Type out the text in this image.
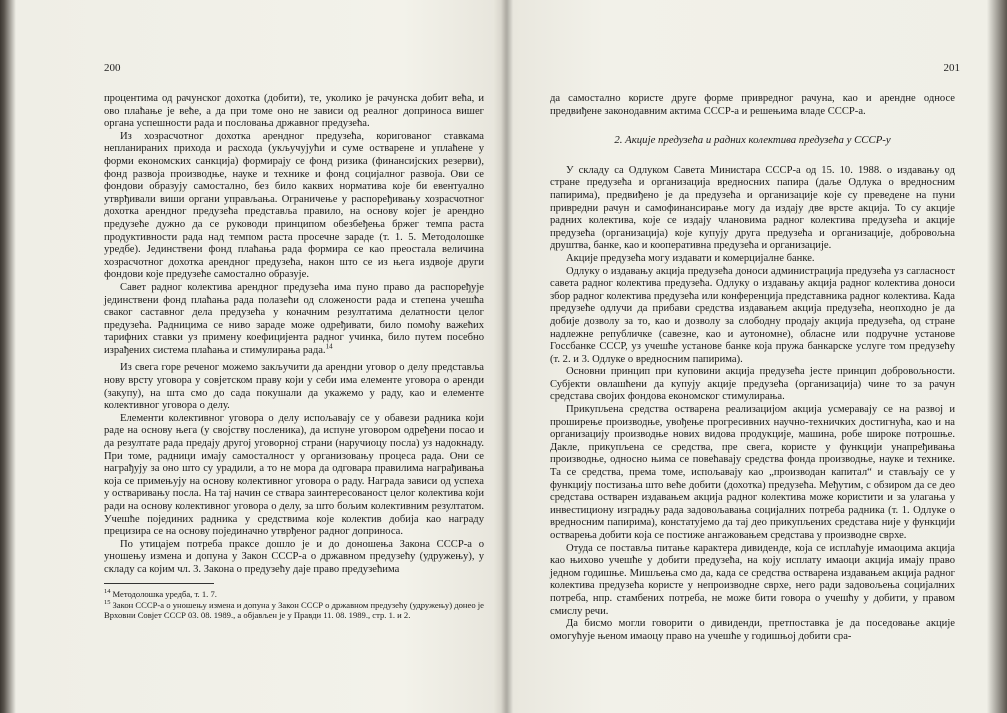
200

процентима од рачунског дохотка (добити), те, уколико је рачунска добит већа, и ово плаћање је веће, а да при томе оно не зависи од реалног доприноса вишег органа успешности рада и пословања државног предузећа.

Из хозрасчотног дохотка арендног предузећа, коригованог ставкама непланираних прихода и расхода (укључујући и суме остварене и уплаћене у форми економских санкција) формирају се фонд ризика (финансијских резерви), фонд развоја производње, науке и технике и фонд социјалног развоја. Ови се фондови образују самостално, без било каквих норматива које би евентуално утврђивали виши органи управљања. Ограничење у распоређивању хозрасчотног дохотка арендног предузећа представља правило, на основу којег је арендно предузеће дужно да се руководи принципом обезбеђења бржег темпа раста продуктивности рада над темпом раста просечне зараде (т. 1. 5. Методолошке уредбе). Јединствени фонд плаћања рада формира се као преостала величина хозрасчотног дохотка арендног предузећа, након што се из њега издвоје други фондови које предузеће самостално образује.

Савет радног колектива арендног предузећа има пуно право да распоређује јединствени фонд плаћања рада полазећи од сложености рада и степена учешћа сваког саставног дела предузећа у коначним резултатима делатности целог предузећа. Радницима се ниво зараде може одређивати, било помоћу важећих тарифних ставки уз примену коефицијента радног учинка, било путем посебно израђених система плаћања и стимулирања рада.$^{14}$

Из свега горе реченог можемо закључити да арендни уговор о делу представља нову врсту уговора у совјетском праву који у себи има елементе уговора о аренди (закупу), на шта смо до сада покушали да укажемо у раду, као и елементе колективног уговора о делу.

Елементи колективног уговора о делу испољавају се у обавези радника који раде на основу њега (у својству посленика), да испуне уговором одређени посао и да резултате рада предају другој уговорној страни (наручиоцу посла) уз надокнаду. При томе, радници имају самосталност у организовању процеса рада. Они се награђују за оно што су урадили, а то не мора да одговара правилима награђивања која се примењују на основу колективног уговора о раду. Награда зависи од успеха у остваривању посла. На тај начин се ствара заинтересованост целог колектива који ради на основу колективног уговора о делу, за што бољим колективним резултатом. Учешће појединих радника у средствима које колектив добија као награду прецизира се на основу појединачно утврђеног радног доприноса.

По утицајем потреба праксе дошло је и до доношења Закона СССР-а о уношењу измена и допуна у Закон СССР-а о државном предузећу (удружењу), у складу са којим чл. 3. Закона о предузећу даје право предузећима

$^{14}$ Методолошка уредба, т. 1. 7.

$^{15}$ Закон СССР-а о уношењу измена и допуна у Закон СССР о државном предузећу (удружењу) донео је Врховни Совјет СССР 03. 08. 1989., а објављен је у Правди 11. 08. 1989., стр. 1. и 2.

201

да самостално користе друге форме привредног рачуна, као и арендне односе предвиђене законодавним актима СССР-а и решењима владе СССР-а.

2. Акције предузећа и радних колектива предузећа у СССР-у

У складу са Одлуком Савета Министара СССР-а од 15. 10. 1988. о издавању од стране предузећа и организација вредносних папира (даље Одлука о вредносним папирима), предвиђено је да предузећа и организације које су преведене на пуни привредни рачун и самофинансирање могу да издају две врсте акција. То су акције радних колектива, које се издају члановима радног колектива предузећа и акције предузећа (организација) које купују друга предузећа и организације, добровољна друштва, банке, као и кооперативна предузећа и организације.

Акције предузећа могу издавати и комерцијалне банке.

Одлуку о издавању акција предузећа доноси администрација предузећа уз сагласност савета радног колектива предузећа. Одлуку о издавању акција радног колектива доноси збор радног колектива предузећа или конференција представника радног колектива. Када предузеће одлучи да прибави средства издавањем акција предузећа, неопходно је да добије дозволу за то, као и дозволу за слободну продају акција предузећа, од стране надлежне републичке (савезне, као и аутономне), обласне или подручне установе Госсбанке СССР, уз учешће установе банке која пружа банкарске услуге том предузећу (т. 2. и 3. Одлуке о вредносним папирима).

Основни принцип при куповини акција предузећа јесте принцип добровољности. Субјекти овлашћени да купују акције предузећа (организација) чине то за рачун средстава својих фондова економског стимулирања.

Прикупљена средства остварена реализацијом акција усмеравају се на развој и проширење производње, увођење прогресивних научно-техничких достигнућа, као и на организацију производње нових видова продукције, машина, робе широке потрошње. Дакле, прикупљена се средства, пре свега, користе у функцији унапређивања производње, односно њима се повећавају средства фонда производње, науке и технике. Та се средства, према томе, испољавају као „производан капитал“ и стављају се у функцију постизања што веће добити (дохотка) предузећа. Међутим, с обзиром да се део средстава остварен издавањем акција радног колектива може користити и за улагања у инвестициону изградњу рада задовољавања социјалних потреба радника (т. 1. Одлуке о вредносним папирима), констатујемо да тај део прикупљених средстава није у функцији остварења добити која се постиже ангажовањем средстава у производне сврхе.

Отуда се поставља питање карактера дивиденде, која се исплаћује имаоцима акција као њихово учешће у добити предузећа, на коју исплату имаоци акција имају право једном годишње. Мишљења смо да, када се средства остварена издавањем акција радног колектива предузећа користе у непроизводне сврхе, него ради задовољења социјалних потреба, нпр. стамбених потреба, не може бити говора о учешћу у добити, у правом смислу речи.

Да бисмо могли говорити о дивиденди, претпоставка је да поседовање акције омогућује њеном имаоцу право на учешће у годишњој добити сра-
